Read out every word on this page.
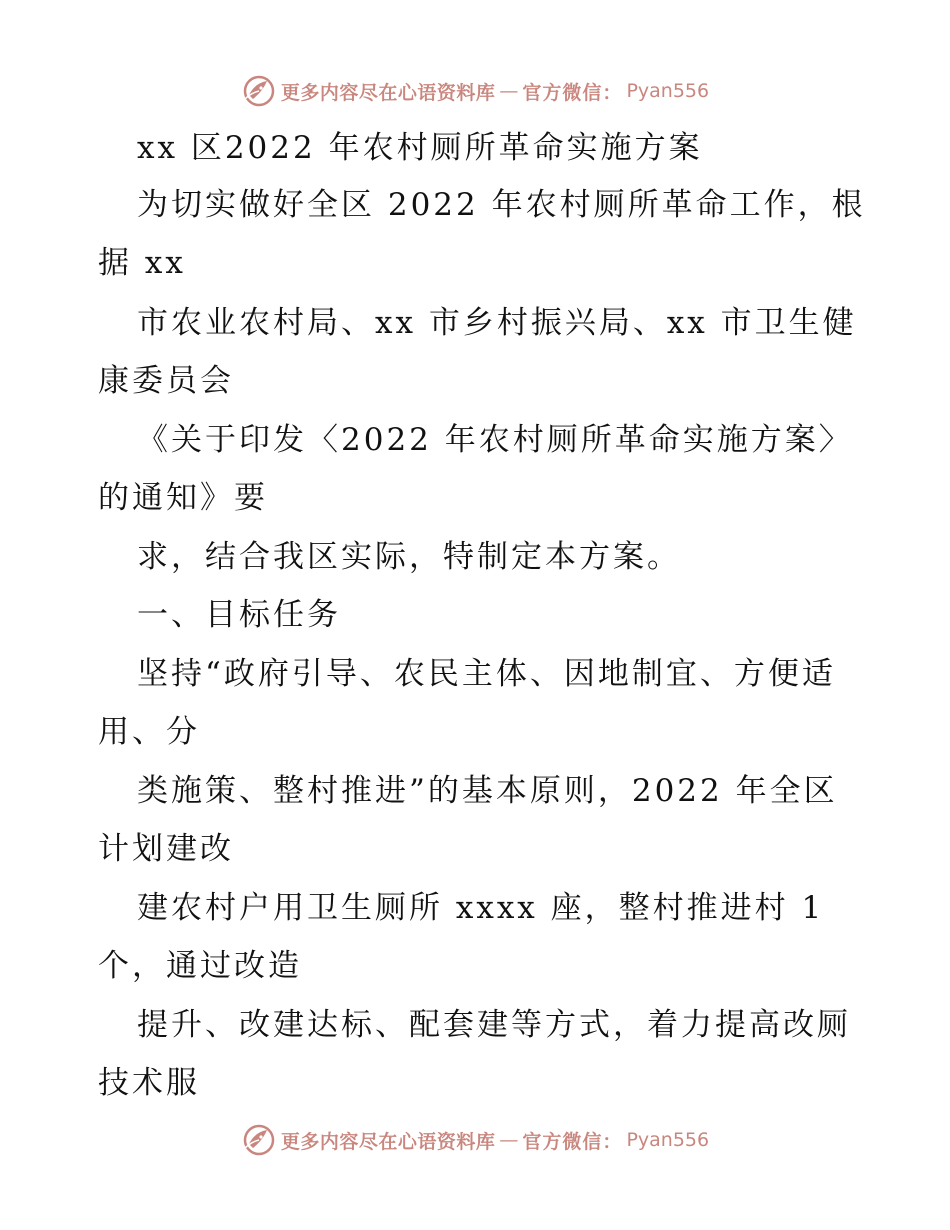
更多内容尽在心语资料库 — 官方微信： Pyan556
xx 区2022 年农村厕所革命实施方案
为切实做好全区 2022 年农村厕所革命工作，根
据 xx
市农业农村局、xx 市乡村振兴局、xx 市卫生健
康委员会
《关于印发〈2022 年农村厕所革命实施方案〉
的通知》要
求，结合我区实际，特制定本方案。
一、目标任务
坚持“政府引导、农民主体、因地制宜、方便适
用、分
类施策、整村推进”的基本原则，2022 年全区
计划建改
建农村户用卫生厕所 xxxx 座，整村推进村 1
个，通过改造
提升、改建达标、配套建等方式，着力提高改厕
技术服
更多内容尽在心语资料库 — 官方微信： Pyan556
